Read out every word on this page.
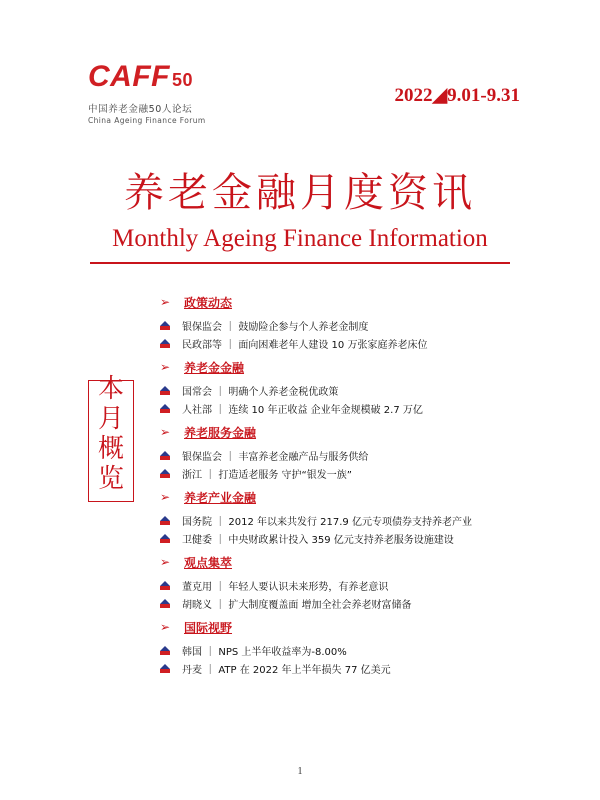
CAFF 50
中国养老金融50人论坛
China Ageing Finance Forum
2022◢9.01-9.31
养老金融月度资讯
Monthly Ageing Finance Information
本
月
概
览
➢	政策动态
银保监会 ｜ 鼓励险企参与个人养老金制度
民政部等 ｜ 面向困难老年人建设 10 万张家庭养老床位
➢	养老金金融
国常会 ｜ 明确个人养老金税优政策
人社部 ｜ 连续 10 年正收益 企业年金规模破 2.7 万亿
➢	养老服务金融
银保监会 ｜ 丰富养老金融产品与服务供给
浙江 ｜ 打造适老服务 守护“银发一族”
➢	养老产业金融
国务院 ｜ 2012 年以来共发行 217.9 亿元专项债券支持养老产业
卫健委 ｜ 中央财政累计投入 359 亿元支持养老服务设施建设
➢	观点集萃
董克用 ｜ 年轻人要认识未来形势，有养老意识
胡晓义 ｜ 扩大制度覆盖面 增加全社会养老财富储备
➢	国际视野
韩国 ｜ NPS 上半年收益率为-8.00%
丹麦 ｜ ATP 在 2022 年上半年损失 77 亿美元
1
